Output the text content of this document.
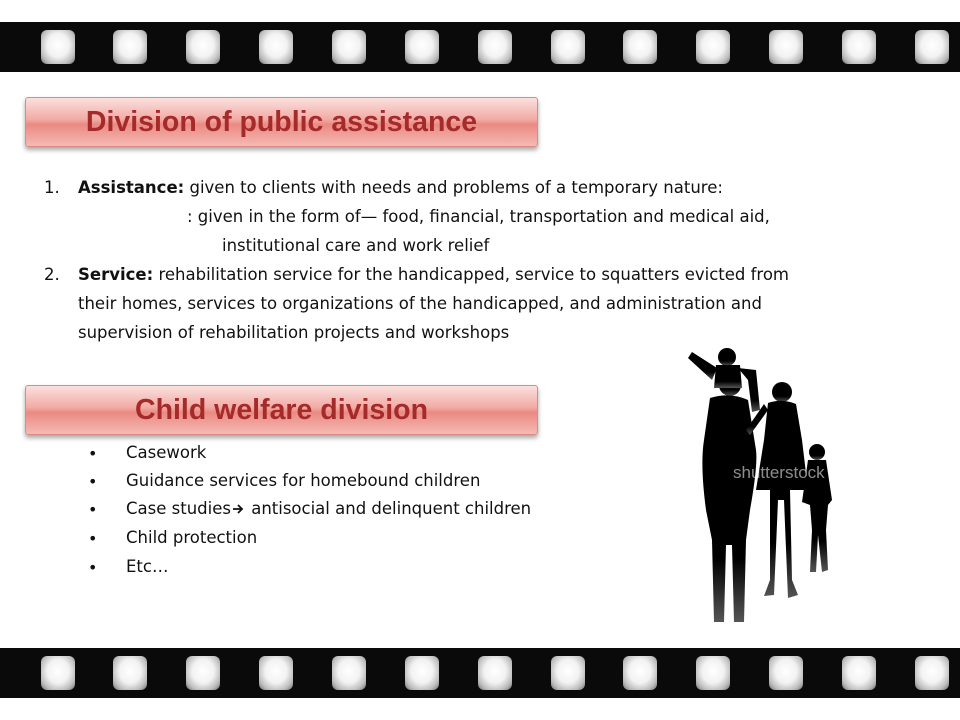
Division of public assistance
1. Assistance: given to clients with needs and problems of a temporary nature:
: given in the form of— food, financial, transportation and medical aid,
institutional care and work relief
2. Service: rehabilitation service for the handicapped, service to squatters evicted from
their homes, services to organizations of the handicapped, and administration and
supervision of rehabilitation projects and workshops
Child welfare division
• Casework
• Guidance services for homebound children
• Case studies antisocial and delinquent children
• Child protection
• Etc…
shutterstock
